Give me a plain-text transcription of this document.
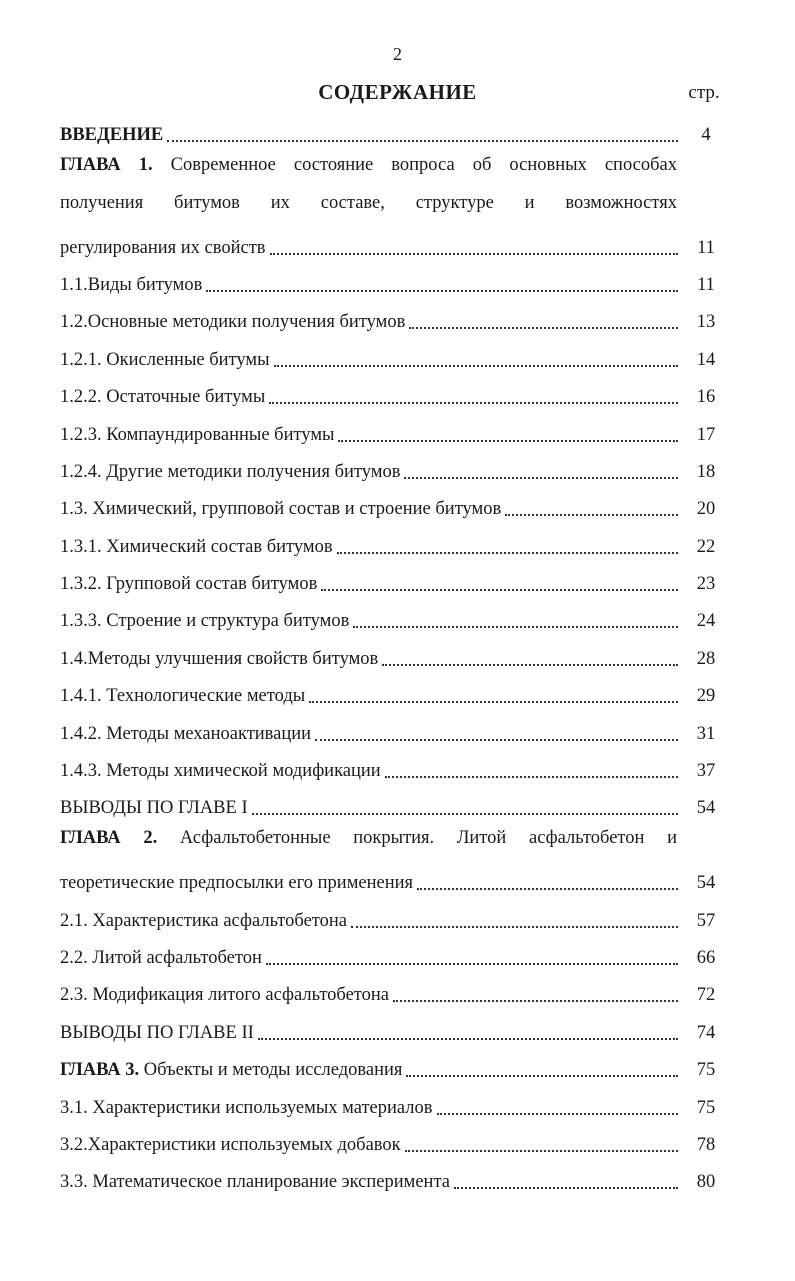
2
СОДЕРЖАНИЕ	стр.
ВВЕДЕНИЕ	4
ГЛАВА 1. Современное состояние вопроса об основных способах
получения битумов их составе, структуре и возможностях
регулирования их свойств	11
1.1.Виды битумов	11
1.2.Основные методики получения битумов	13
1.2.1. Окисленные битумы	14
1.2.2. Остаточные битумы	16
1.2.3. Компаундированные битумы	17
1.2.4. Другие методики получения битумов	18
1.3. Химический, групповой состав и строение битумов	20
1.3.1. Химический состав битумов	22
1.3.2. Групповой состав битумов	23
1.3.3. Строение и структура битумов	24
1.4.Методы улучшения свойств битумов	28
1.4.1. Технологические методы	29
1.4.2. Методы механоактивации	31
1.4.3. Методы химической модификации	37
ВЫВОДЫ ПО ГЛАВЕ I	54
ГЛАВА 2. Асфальтобетонные покрытия. Литой асфальтобетон и
теоретические предпосылки его применения	54
2.1. Характеристика асфальтобетона	57
2.2. Литой асфальтобетон	66
2.3. Модификация литого асфальтобетона	72
ВЫВОДЫ ПО ГЛАВЕ II	74
ГЛАВА 3. Объекты и методы исследования	75
3.1. Характеристики используемых материалов	75
3.2.Характеристики используемых добавок	78
3.3. Математическое планирование эксперимента	80
